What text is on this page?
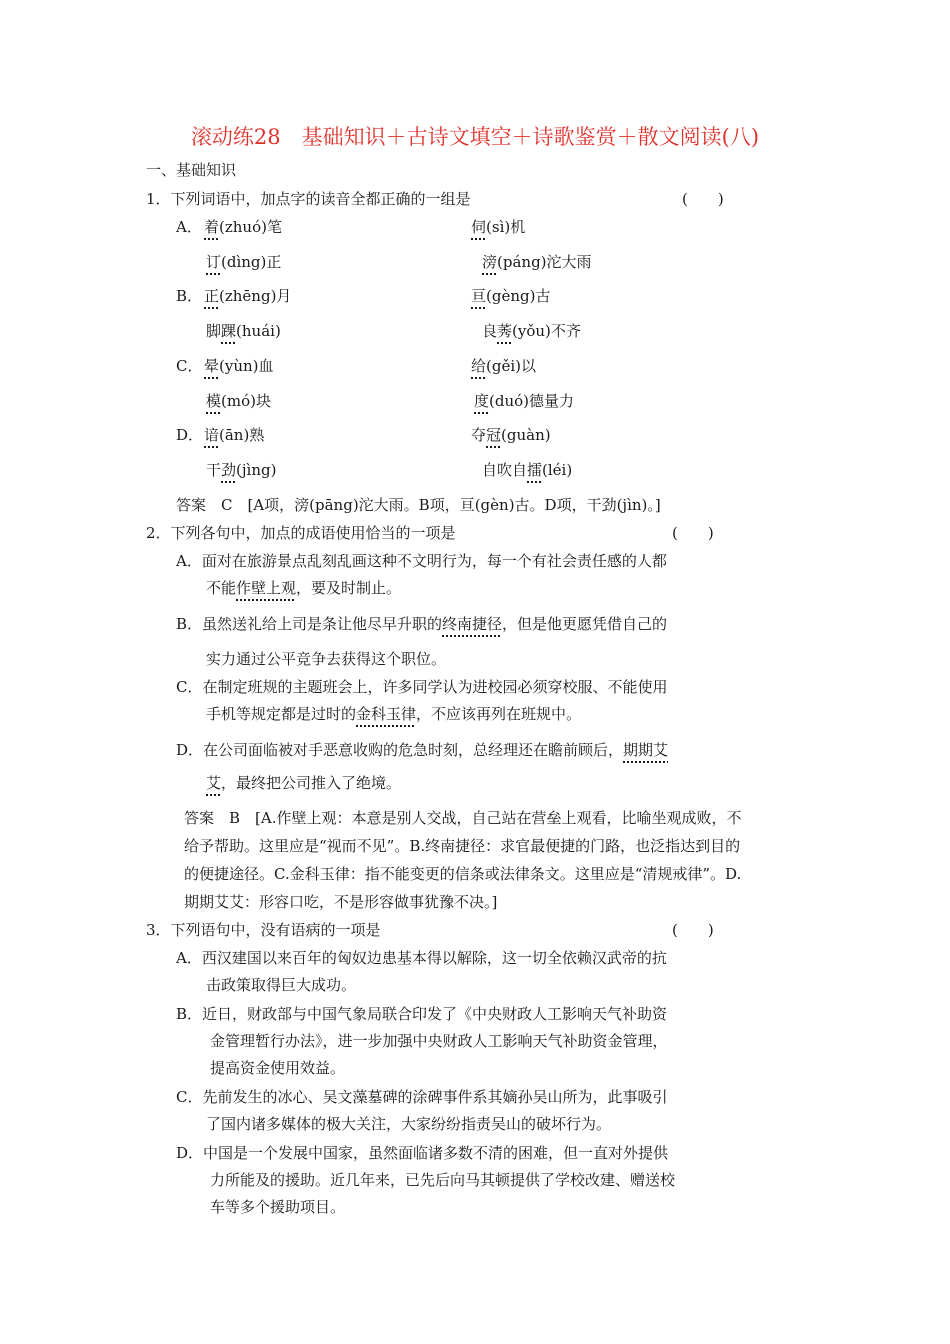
滚动练28　基础知识＋古诗文填空＋诗歌鉴赏＋散文阅读(八)
一、基础知识
1．下列词语中，加点字的读音全都正确的一组是	(　　)
A． 着(zhuó)笔	伺(sì)机
订(dìng)正	滂(páng)沱大雨
B． 正(zhēng)月	亘(gèng)古
脚踝(huái)	良莠(yǒu)不齐
C． 晕(yùn)血	给(gěi)以
模(mó)块	度(duó)德量力
D． 谙(ān)熟	夺冠(guàn)
干劲(jìng)	自吹自擂(léi)
答案　C　[A项，滂(pāng)沱大雨。B项，亘(gèn)古。D项，干劲(jìn)。]
2．下列各句中，加点的成语使用恰当的一项是	(　　)
A．面对在旅游景点乱刻乱画这种不文明行为，每一个有社会责任感的人都
不能作壁上观，要及时制止。
B．虽然送礼给上司是条让他尽早升职的终南捷径，但是他更愿凭借自己的
实力通过公平竞争去获得这个职位。
C．在制定班规的主题班会上，许多同学认为进校园必须穿校服、不能使用
手机等规定都是过时的金科玉律，不应该再列在班规中。
D．在公司面临被对手恶意收购的危急时刻，总经理还在瞻前顾后，期期艾
艾，最终把公司推入了绝境。
答案　B　[A.作壁上观：本意是别人交战，自己站在营垒上观看，比喻坐观成败，不
给予帮助。这里应是“视而不见”。B.终南捷径：求官最便捷的门路，也泛指达到目的
的便捷途径。C.金科玉律：指不能变更的信条或法律条文。这里应是“清规戒律”。D.
期期艾艾：形容口吃，不是形容做事犹豫不决。]
3．下列语句中，没有语病的一项是	(　　)
A．西汉建国以来百年的匈奴边患基本得以解除，这一切全依赖汉武帝的抗
击政策取得巨大成功。
B．近日，财政部与中国气象局联合印发了《中央财政人工影响天气补助资
金管理暂行办法》，进一步加强中央财政人工影响天气补助资金管理，
提高资金使用效益。
C．先前发生的冰心、吴文藻墓碑的涂碑事件系其嫡孙吴山所为，此事吸引
了国内诸多媒体的极大关注，大家纷纷指责吴山的破坏行为。
D．中国是一个发展中国家，虽然面临诸多数不清的困难，但一直对外提供
力所能及的援助。近几年来，已先后向马其顿提供了学校改建、赠送校
车等多个援助项目。
